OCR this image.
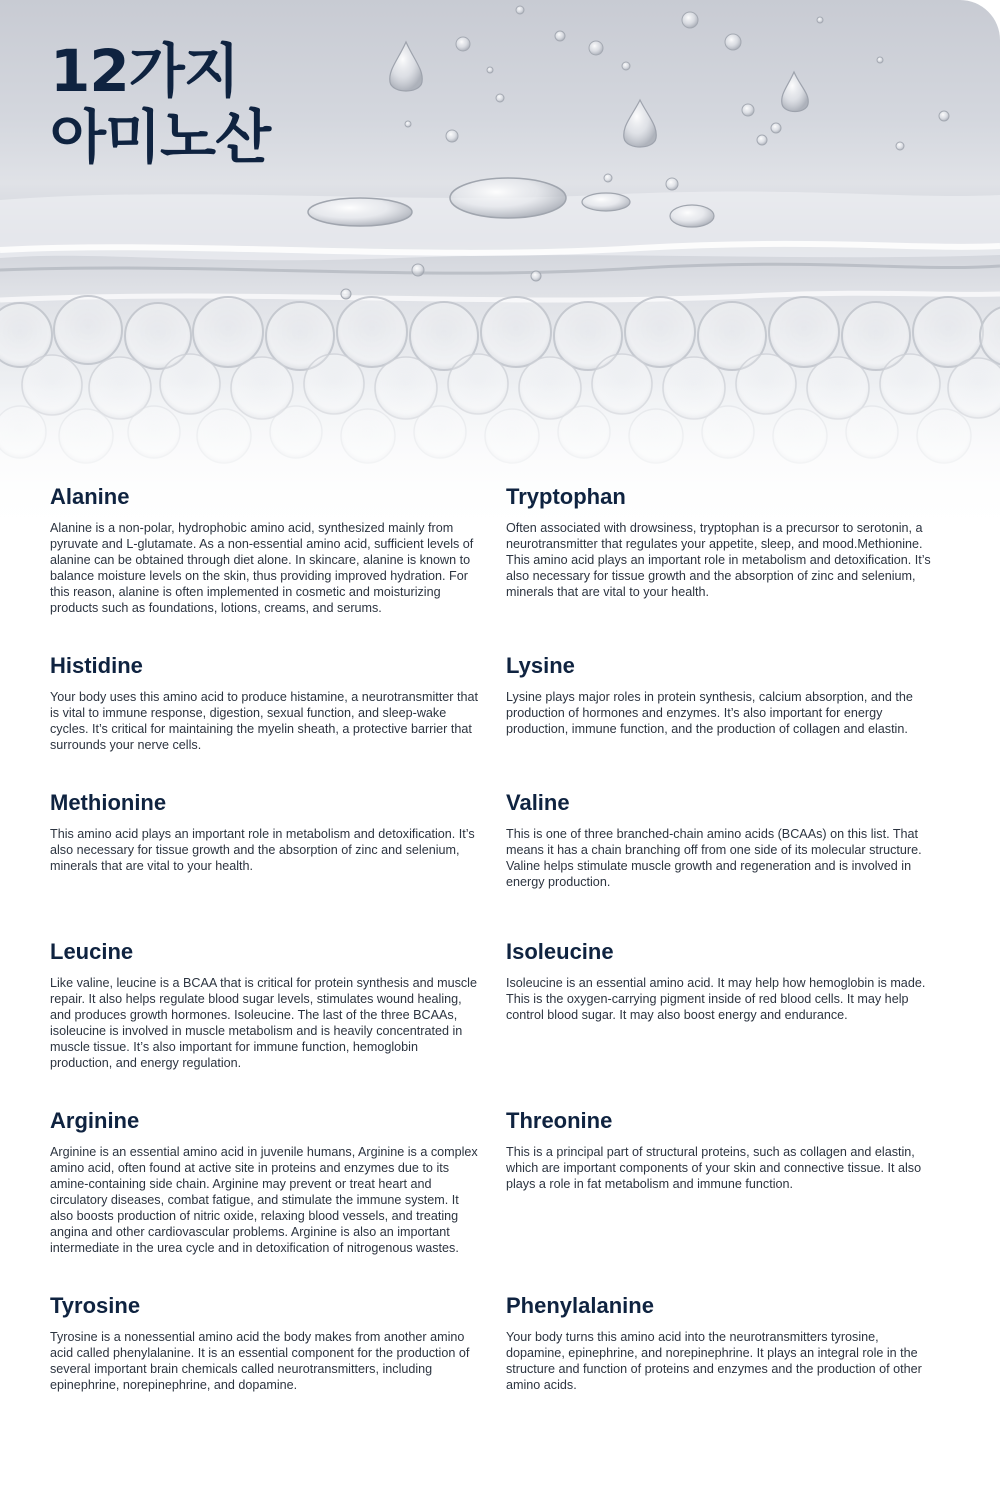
12가지
아미노산
Alanine

Alanine is a non-polar, hydrophobic amino acid, synthesized mainly from pyruvate and L-glutamate. As a non-essential amino acid, sufficient levels of alanine can be obtained through diet alone. In skincare, alanine is known to balance moisture levels on the skin, thus providing improved hydration. For this reason, alanine is often implemented in cosmetic and moisturizing products such as foundations, lotions, creams, and serums.

Tryptophan

Often associated with drowsiness, tryptophan is a precursor to serotonin, a neurotransmitter that regulates your appetite, sleep, and mood.Methionine. This amino acid plays an important role in metabolism and detoxification. It’s also necessary for tissue growth and the absorption of zinc and selenium, minerals that are vital to your health.

Histidine

Your body uses this amino acid to produce histamine, a neurotransmitter that is vital to immune response, digestion, sexual function, and sleep-wake cycles. It’s critical for maintaining the myelin sheath, a protective barrier that surrounds your nerve cells.

Lysine

Lysine plays major roles in protein synthesis, calcium absorption, and the production of hormones and enzymes. It’s also important for energy production, immune function, and the production of collagen and elastin.

Methionine

This amino acid plays an important role in metabolism and detoxification. It’s also necessary for tissue growth and the absorption of zinc and selenium, minerals that are vital to your health.

Valine

This is one of three branched-chain amino acids (BCAAs) on this list. That means it has a chain branching off from one side of its molecular structure. Valine helps stimulate muscle growth and regeneration and is involved in energy production.

Leucine

Like valine, leucine is a BCAA that is critical for protein synthesis and muscle repair. It also helps regulate blood sugar levels, stimulates wound healing, and produces growth hormones. Isoleucine. The last of the three BCAAs, isoleucine is involved in muscle metabolism and is heavily concentrated in muscle tissue. It’s also important for immune function, hemoglobin production, and energy regulation.

Isoleucine

Isoleucine is an essential amino acid. It may help how hemoglobin is made. This is the oxygen-carrying pigment inside of red blood cells. It may help control blood sugar. It may also boost energy and endurance.

Arginine

Arginine is an essential amino acid in juvenile humans, Arginine is a complex amino acid, often found at active site in proteins and enzymes due to its amine-containing side chain. Arginine may prevent or treat heart and circulatory diseases, combat fatigue, and stimulate the immune system. It also boosts production of nitric oxide, relaxing blood vessels, and treating angina and other cardiovascular problems. Arginine is also an important intermediate in the urea cycle and in detoxification of nitrogenous wastes.

Threonine

This is a principal part of structural proteins, such as collagen and elastin, which are important components of your skin and connective tissue. It also plays a role in fat metabolism and immune function.

Tyrosine

Tyrosine is a nonessential amino acid the body makes from another amino acid called phenylalanine. It is an essential component for the production of several important brain chemicals called neurotransmitters, including epinephrine, norepinephrine, and dopamine.

Phenylalanine

Your body turns this amino acid into the neurotransmitters tyrosine, dopamine, epinephrine, and norepinephrine. It plays an integral role in the structure and function of proteins and enzymes and the production of other amino acids.
